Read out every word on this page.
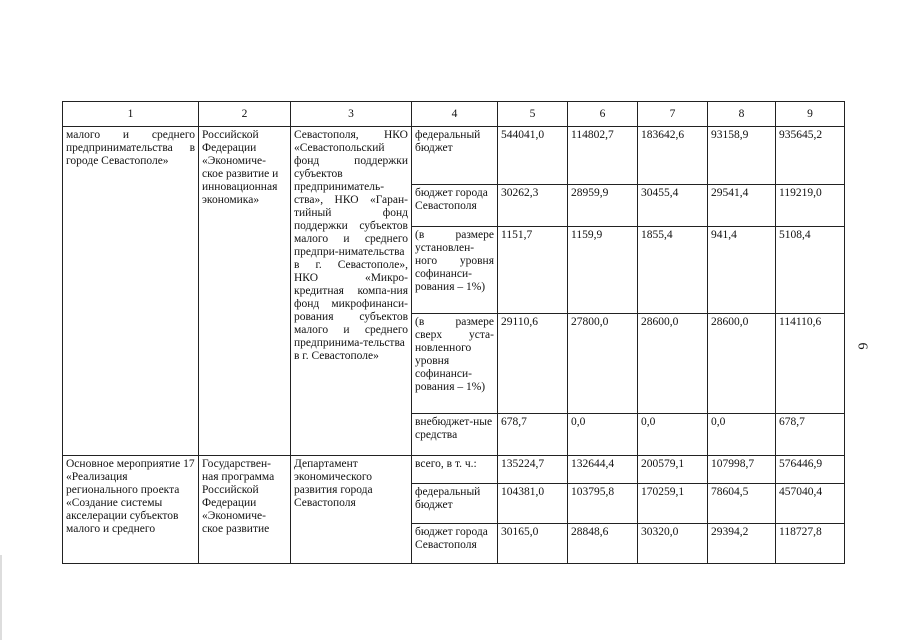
1	2	3	4	5	6	7	8	9
малого и среднего предпринимательства в городе Севастополе»	Российской Федерации «Экономиче-ское развитие и инновационная экономика»	Севастополя, НКО «Севастопольский фонд поддержки субъектов предприниматель-ства», НКО «Гаран-тийный фонд поддержки субъектов малого и среднего предпри-нимательства в г. Севастополе», НКО «Микро-кредитная компа-ния фонд микрофинанси-рования субъектов малого и среднего предпринима-тельства в г. Севастополе»	федеральный бюджет	544041,0	114802,7	183642,6	93158,9	935645,2
			бюджет города Севастополя	30262,3	28959,9	30455,4	29541,4	119219,0
			(в размере установлен-ного уровня софинанси-рования – 1%)	1151,7	1159,9	1855,4	941,4	5108,4
			(в размере сверх уста-новленного уровня софинанси-рования – 1%)	29110,6	27800,0	28600,0	28600,0	114110,6
			внебюджет-ные средства	678,7	0,0	0,0	0,0	678,7
Основное мероприятие 17 «Реализация регионального проекта «Создание системы акселерации субъектов малого и среднего	Государствен-ная программа Российской Федерации «Экономиче-ское развитие	Департамент экономического развития города Севастополя	всего, в т. ч.:	135224,7	132644,4	200579,1	107998,7	576446,9
			федеральный бюджет	104381,0	103795,8	170259,1	78604,5	457040,4
			бюджет города Севастополя	30165,0	28848,6	30320,0	29394,2	118727,8
6
